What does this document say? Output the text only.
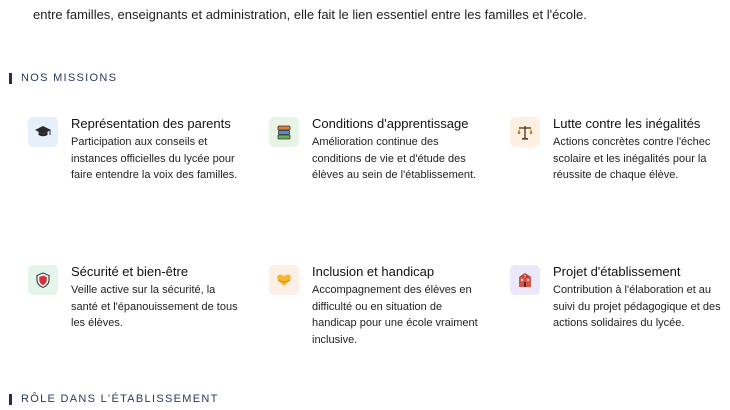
entre familles, enseignants et administration, elle fait le lien essentiel entre les familles et l'école.

NOS MISSIONS
Représentation des parents
Participation aux conseils et instances officielles du lycée pour faire entendre la voix des familles.
Conditions d'apprentissage
Amélioration continue des conditions de vie et d'étude des élèves au sein de l'établissement.
Lutte contre les inégalités
Actions concrètes contre l'échec scolaire et les inégalités pour la réussite de chaque élève.
Sécurité et bien-être
Veille active sur la sécurité, la santé et l'épanouissement de tous les élèves.
Inclusion et handicap
Accompagnement des élèves en difficulté ou en situation de handicap pour une école vraiment inclusive.
Projet d'établissement
Contribution à l'élaboration et au suivi du projet pédagogique et des actions solidaires du lycée.
RÔLE DANS L'ÉTABLISSEMENT
